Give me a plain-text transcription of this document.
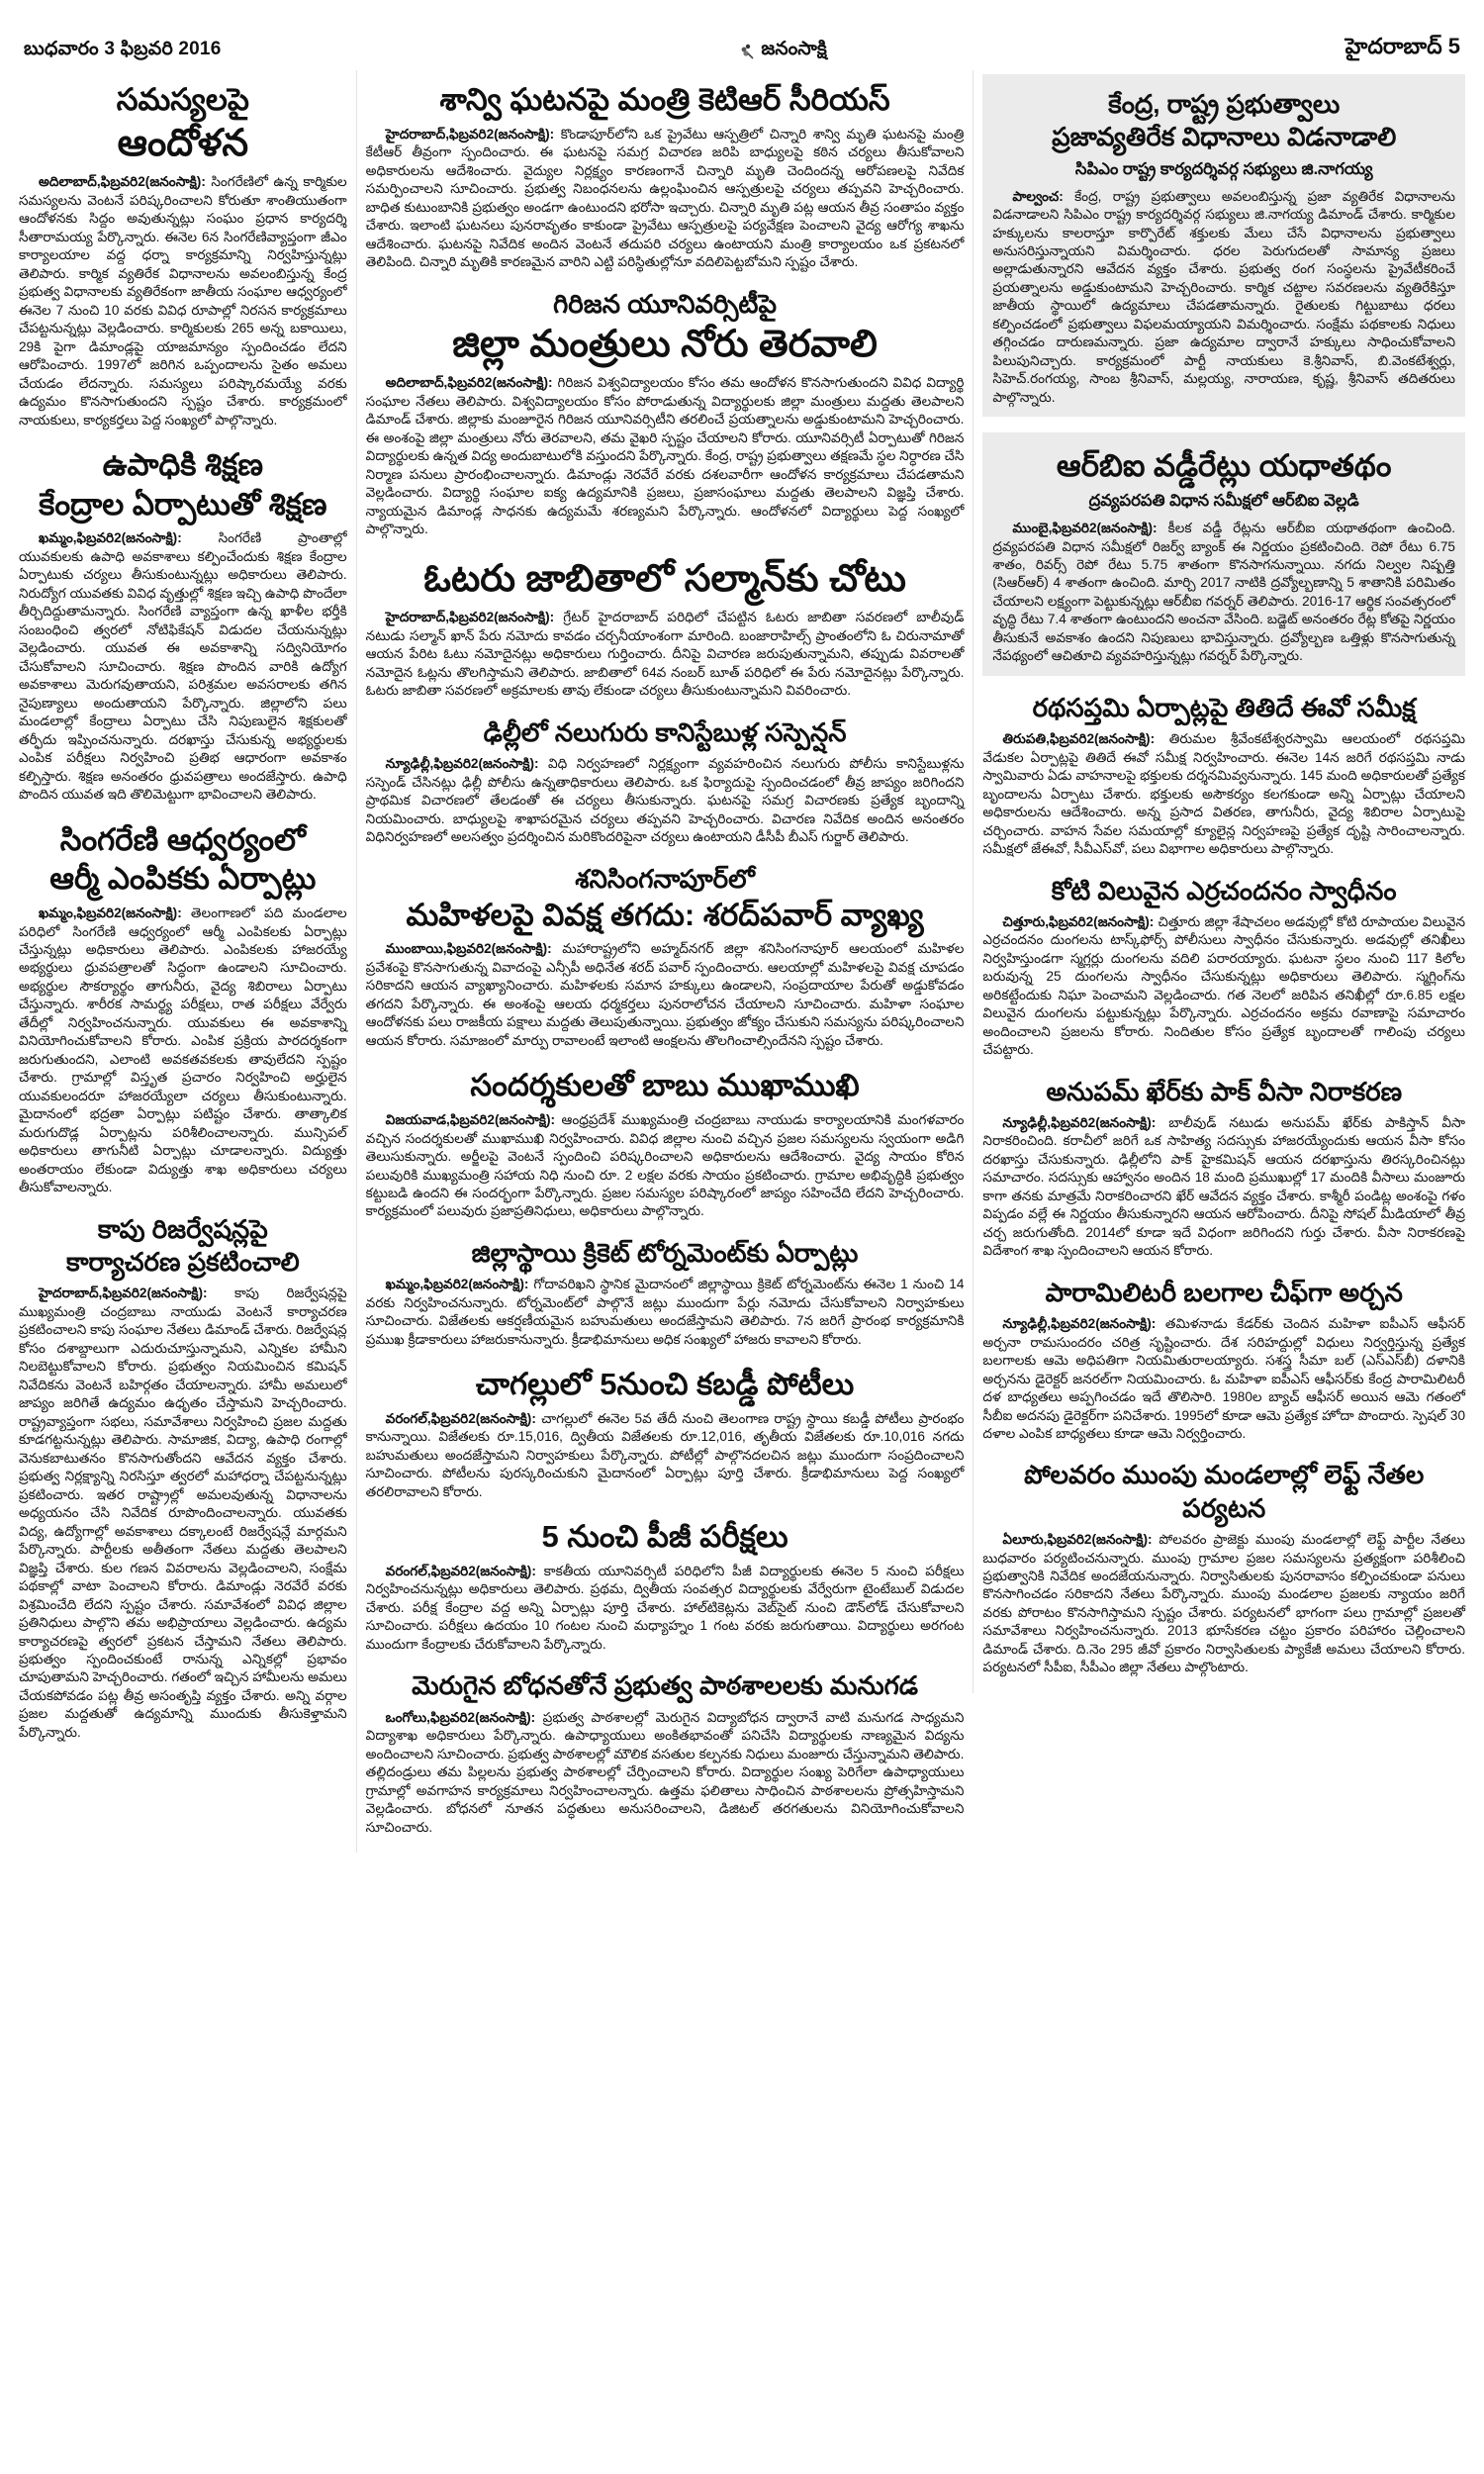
బుధవారం 3 ఫిబ్రవరి 2016	జనంసాక్షి	హైదరాబాద్ 5
సమస్యలపై
ఆందోళన

అదిలాబాద్,ఫిబ్రవరి2(జనంసాక్షి): సింగరేణిలో ఉన్న కార్మికుల సమస్యలను వెంటనే పరిష్కరించాలని కోరుతూ శాంతియుతంగా ఆందోళనకు సిద్దం అవుతున్నట్లు సంఘం ప్రధాన కార్యదర్శి సీతారామయ్య పేర్కొన్నారు. ఈనెల 6న సింగరేణివ్యాప్తంగా జీఎం కార్యాలయాల వద్ద ధర్నా కార్యక్రమాన్ని నిర్వహిస్తున్నట్లు తెలిపారు. కార్మిక వ్యతిరేక విధానాలను అవలంబిస్తున్న కేంద్ర ప్రభుత్వ విధానాలకు వ్యతిరేకంగా జాతీయ సంఘాల ఆధ్వర్యంలో ఈనెల 7 నుంచి 10 వరకు వివిధ రూపాల్లో నిరసన కార్యక్రమాలు చేపట్టనున్నట్లు వెల్లడించారు. కార్మికులకు 265 అన్న బకాయిలు, 29కి పైగా డిమాండ్లపై యాజమాన్యం స్పందించడం లేదని ఆరోపించారు. 1997లో జరిగిన ఒప్పందాలను సైతం అమలు చేయడం లేదన్నారు. సమస్యలు పరిష్కారమయ్యే వరకు ఉద్యమం కొనసాగుతుందని స్పష్టం చేశారు. కార్యక్రమంలో నాయకులు, కార్యకర్తలు పెద్ద సంఖ్యలో పాల్గొన్నారు.

ఉపాధికి శిక్షణ
కేంద్రాల ఏర్పాటుతో శిక్షణ

ఖమ్మం,ఫిబ్రవరి2(జనంసాక్షి): సింగరేణి ప్రాంతాల్లో యువకులకు ఉపాధి అవకాశాలు కల్పించేందుకు శిక్షణ కేంద్రాల ఏర్పాటుకు చర్యలు తీసుకుంటున్నట్లు అధికారులు తెలిపారు. నిరుద్యోగ యువతకు వివిధ వృత్తుల్లో శిక్షణ ఇచ్చి ఉపాధి పొందేలా తీర్చిదిద్దుతామన్నారు. సింగరేణి వ్యాప్తంగా ఉన్న ఖాళీల భర్తీకి సంబంధించి త్వరలో నోటిఫికేషన్ విడుదల చేయనున్నట్లు వెల్లడించారు. యువత ఈ అవకాశాన్ని సద్వినియోగం చేసుకోవాలని సూచించారు. శిక్షణ పొందిన వారికి ఉద్యోగ అవకాశాలు మెరుగవుతాయని, పరిశ్రమల అవసరాలకు తగిన నైపుణ్యాలు అందుతాయని పేర్కొన్నారు. జిల్లాలోని పలు మండలాల్లో కేంద్రాలు ఏర్పాటు చేసి నిపుణులైన శిక్షకులతో తర్ఫీదు ఇప్పించనున్నారు. దరఖాస్తు చేసుకున్న అభ్యర్థులకు ఎంపిక పరీక్షలు నిర్వహించి ప్రతిభ ఆధారంగా అవకాశం కల్పిస్తారు. శిక్షణ అనంతరం ధ్రువపత్రాలు అందజేస్తారు. ఉపాధి పొందిన యువత ఇది తొలిమెట్టుగా భావించాలని తెలిపారు.

సింగరేణి ఆధ్వర్యంలో
ఆర్మీ ఎంపికకు ఏర్పాట్లు

ఖమ్మం,ఫిబ్రవరి2(జనంసాక్షి): తెలంగాణలో పది మండలాల పరిధిలో సింగరేణి ఆధ్వర్యంలో ఆర్మీ ఎంపికలకు ఏర్పాట్లు చేస్తున్నట్లు అధికారులు తెలిపారు. ఎంపికలకు హాజరయ్యే అభ్యర్థులు ధ్రువపత్రాలతో సిద్ధంగా ఉండాలని సూచించారు. అభ్యర్థుల సౌకర్యార్థం తాగునీరు, వైద్య శిబిరాలు ఏర్పాటు చేస్తున్నారు. శారీరక సామర్థ్య పరీక్షలు, రాత పరీక్షలు వేర్వేరు తేదీల్లో నిర్వహించనున్నారు. యువకులు ఈ అవకాశాన్ని వినియోగించుకోవాలని కోరారు. ఎంపిక ప్రక్రియ పారదర్శకంగా జరుగుతుందని, ఎలాంటి అవకతవకలకు తావులేదని స్పష్టం చేశారు. గ్రామాల్లో విస్తృత ప్రచారం నిర్వహించి అర్హులైన యువకులందరూ హాజరయ్యేలా చర్యలు తీసుకుంటున్నారు. మైదానంలో భద్రతా ఏర్పాట్లు పటిష్టం చేశారు. తాత్కాలిక మరుగుదొడ్ల ఏర్పాట్లను పరిశీలించాలన్నారు. మున్సిపల్ అధికారులు తాగునీటి ఏర్పాట్లు చూడాలన్నారు. విద్యుత్తు అంతరాయం లేకుండా విద్యుత్తు శాఖ అధికారులు చర్యలు తీసుకోవాలన్నారు.

కాపు రిజర్వేషన్లపై
కార్యాచరణ ప్రకటించాలి

హైదరాబాద్,ఫిబ్రవరి2(జనంసాక్షి): కాపు రిజర్వేషన్లపై ముఖ్యమంత్రి చంద్రబాబు నాయుడు వెంటనే కార్యాచరణ ప్రకటించాలని కాపు సంఘాల నేతలు డిమాండ్ చేశారు. రిజర్వేషన్ల కోసం దశాబ్దాలుగా ఎదురుచూస్తున్నామని, ఎన్నికల హామీని నిలబెట్టుకోవాలని కోరారు. ప్రభుత్వం నియమించిన కమిషన్ నివేదికను వెంటనే బహిర్గతం చేయాలన్నారు. హామీ అమలులో జాప్యం జరిగితే ఉద్యమం ఉధృతం చేస్తామని హెచ్చరించారు. రాష్ట్రవ్యాప్తంగా సభలు, సమావేశాలు నిర్వహించి ప్రజల మద్దతు కూడగట్టనున్నట్లు తెలిపారు. సామాజిక, విద్యా, ఉపాధి రంగాల్లో వెనుకబాటుతనం కొనసాగుతోందని ఆవేదన వ్యక్తం చేశారు. ప్రభుత్వ నిర్లక్ష్యాన్ని నిరసిస్తూ త్వరలో మహాధర్నా చేపట్టనున్నట్లు ప్రకటించారు. ఇతర రాష్ట్రాల్లో అమలవుతున్న విధానాలను అధ్యయనం చేసి నివేదిక రూపొందించాలన్నారు. యువతకు విద్య, ఉద్యోగాల్లో అవకాశాలు దక్కాలంటే రిజర్వేషన్లే మార్గమని పేర్కొన్నారు. పార్టీలకు అతీతంగా నేతలు మద్దతు తెలపాలని విజ్ఞప్తి చేశారు. కుల గణన వివరాలను వెల్లడించాలని, సంక్షేమ పథకాల్లో వాటా పెంచాలని కోరారు. డిమాండ్లు నెరవేరే వరకు విశ్రమించేది లేదని స్పష్టం చేశారు. సమావేశంలో వివిధ జిల్లాల ప్రతినిధులు పాల్గొని తమ అభిప్రాయాలు వెల్లడించారు. ఉద్యమ కార్యాచరణపై త్వరలో ప్రకటన చేస్తామని నేతలు తెలిపారు. ప్రభుత్వం స్పందించకుంటే రానున్న ఎన్నికల్లో ప్రభావం చూపుతామని హెచ్చరించారు. గతంలో ఇచ్చిన హామీలను అమలు చేయకపోవడం పట్ల తీవ్ర అసంతృప్తి వ్యక్తం చేశారు. అన్ని వర్గాల ప్రజల మద్దతుతో ఉద్యమాన్ని ముందుకు తీసుకెళ్తామని పేర్కొన్నారు.

శాన్వి ఘటనపై మంత్రి కెటిఆర్ సీరియస్

హైదరాబాద్,ఫిబ్రవరి2(జనంసాక్షి): కొండాపూర్‌లోని ఒక ప్రైవేటు ఆస్పత్రిలో చిన్నారి శాన్వి మృతి ఘటనపై మంత్రి కేటీఆర్ తీవ్రంగా స్పందించారు. ఈ ఘటనపై సమగ్ర విచారణ జరిపి బాధ్యులపై కఠిన చర్యలు తీసుకోవాలని అధికారులను ఆదేశించారు. వైద్యుల నిర్లక్ష్యం కారణంగానే చిన్నారి మృతి చెందిందన్న ఆరోపణలపై నివేదిక సమర్పించాలని సూచించారు. ప్రభుత్వ నిబంధనలను ఉల్లంఘించిన ఆస్పత్రులపై చర్యలు తప్పవని హెచ్చరించారు. బాధిత కుటుంబానికి ప్రభుత్వం అండగా ఉంటుందని భరోసా ఇచ్చారు. చిన్నారి మృతి పట్ల ఆయన తీవ్ర సంతాపం వ్యక్తం చేశారు. ఇలాంటి ఘటనలు పునరావృతం కాకుండా ప్రైవేటు ఆస్పత్రులపై పర్యవేక్షణ పెంచాలని వైద్య ఆరోగ్య శాఖను ఆదేశించారు. ఘటనపై నివేదిక అందిన వెంటనే తదుపరి చర్యలు ఉంటాయని మంత్రి కార్యాలయం ఒక ప్రకటనలో తెలిపింది. చిన్నారి మృతికి కారణమైన వారిని ఎట్టి పరిస్థితుల్లోనూ వదిలిపెట్టబోమని స్పష్టం చేశారు.

గిరిజన యూనివర్సిటీపై
జిల్లా మంత్రులు నోరు తెరవాలి

అదిలాబాద్,ఫిబ్రవరి2(జనంసాక్షి): గిరిజన విశ్వవిద్యాలయం కోసం తమ ఆందోళన కొనసాగుతుందని వివిధ విద్యార్థి సంఘాల నేతలు తెలిపారు. విశ్వవిద్యాలయం కోసం పోరాడుతున్న విద్యార్థులకు జిల్లా మంత్రులు మద్దతు తెలపాలని డిమాండ్ చేశారు. జిల్లాకు మంజూరైన గిరిజన యూనివర్సిటీని తరలించే ప్రయత్నాలను అడ్డుకుంటామని హెచ్చరించారు. ఈ అంశంపై జిల్లా మంత్రులు నోరు తెరవాలని, తమ వైఖరి స్పష్టం చేయాలని కోరారు. యూనివర్సిటీ ఏర్పాటుతో గిరిజన విద్యార్థులకు ఉన్నత విద్య అందుబాటులోకి వస్తుందని పేర్కొన్నారు. కేంద్ర, రాష్ట్ర ప్రభుత్వాలు తక్షణమే స్థల నిర్ధారణ చేసి నిర్మాణ పనులు ప్రారంభించాలన్నారు. డిమాండ్లు నెరవేరే వరకు దశలవారీగా ఆందోళన కార్యక్రమాలు చేపడతామని వెల్లడించారు. విద్యార్థి సంఘాల ఐక్య ఉద్యమానికి ప్రజలు, ప్రజాసంఘాలు మద్దతు తెలపాలని విజ్ఞప్తి చేశారు. న్యాయమైన డిమాండ్ల సాధనకు ఉద్యమమే శరణ్యమని పేర్కొన్నారు. ఆందోళనలో విద్యార్థులు పెద్ద సంఖ్యలో పాల్గొన్నారు.

ఓటరు జాబితాలో సల్మాన్‌కు చోటు

హైదరాబాద్,ఫిబ్రవరి2(జనంసాక్షి): గ్రేటర్ హైదరాబాద్ పరిధిలో చేపట్టిన ఓటరు జాబితా సవరణలో బాలీవుడ్ నటుడు సల్మాన్ ఖాన్ పేరు నమోదు కావడం చర్చనీయాంశంగా మారింది. బంజారాహిల్స్ ప్రాంతంలోని ఓ చిరునామాతో ఆయన పేరిట ఓటు నమోదైనట్లు అధికారులు గుర్తించారు. దీనిపై విచారణ జరుపుతున్నామని, తప్పుడు వివరాలతో నమోదైన ఓట్లను తొలగిస్తామని తెలిపారు. జాబితాలో 64వ నంబర్ బూత్ పరిధిలో ఈ పేరు నమోదైనట్లు పేర్కొన్నారు. ఓటరు జాబితా సవరణలో అక్రమాలకు తావు లేకుండా చర్యలు తీసుకుంటున్నామని వివరించారు.

ఢిల్లీలో నలుగురు కానిస్టేబుళ్ల సస్పెన్షన్

న్యూఢిల్లీ,ఫిబ్రవరి2(జనంసాక్షి): విధి నిర్వహణలో నిర్లక్ష్యంగా వ్యవహరించిన నలుగురు పోలీసు కానిస్టేబుళ్లను సస్పెండ్ చేసినట్లు ఢిల్లీ పోలీసు ఉన్నతాధికారులు తెలిపారు. ఒక ఫిర్యాదుపై స్పందించడంలో తీవ్ర జాప్యం జరిగిందని ప్రాథమిక విచారణలో తేలడంతో ఈ చర్యలు తీసుకున్నారు. ఘటనపై సమగ్ర విచారణకు ప్రత్యేక బృందాన్ని నియమించారు. బాధ్యులపై శాఖాపరమైన చర్యలు తప్పవని హెచ్చరించారు. విచారణ నివేదిక అందిన అనంతరం విధినిర్వహణలో అలసత్వం ప్రదర్శించిన మరికొందరిపైనా చర్యలు ఉంటాయని డీసీపీ బీఎస్ గుర్జార్ తెలిపారు.

శనిసింగనాపూర్‌లో
మహిళలపై వివక్ష తగదు: శరద్‌పవార్ వ్యాఖ్య

ముంబాయి,ఫిబ్రవరి2(జనంసాక్షి): మహారాష్ట్రలోని అహ్మద్‌నగర్ జిల్లా శనిసింగనాపూర్ ఆలయంలో మహిళల ప్రవేశంపై కొనసాగుతున్న వివాదంపై ఎన్సీపీ అధినేత శరద్ పవార్ స్పందించారు. ఆలయాల్లో మహిళలపై వివక్ష చూపడం సరికాదని ఆయన వ్యాఖ్యానించారు. మహిళలకు సమాన హక్కులు ఉండాలని, సంప్రదాయాల పేరుతో అడ్డుకోవడం తగదని పేర్కొన్నారు. ఈ అంశంపై ఆలయ ధర్మకర్తలు పునరాలోచన చేయాలని సూచించారు. మహిళా సంఘాల ఆందోళనకు పలు రాజకీయ పక్షాలు మద్దతు తెలుపుతున్నాయి. ప్రభుత్వం జోక్యం చేసుకుని సమస్యను పరిష్కరించాలని ఆయన కోరారు. సమాజంలో మార్పు రావాలంటే ఇలాంటి ఆంక్షలను తొలగించాల్సిందేనని స్పష్టం చేశారు.

సందర్శకులతో బాబు ముఖాముఖి

విజయవాడ,ఫిబ్రవరి2(జనంసాక్షి): ఆంధ్రప్రదేశ్ ముఖ్యమంత్రి చంద్రబాబు నాయుడు కార్యాలయానికి మంగళవారం వచ్చిన సందర్శకులతో ముఖాముఖి నిర్వహించారు. వివిధ జిల్లాల నుంచి వచ్చిన ప్రజల సమస్యలను స్వయంగా అడిగి తెలుసుకున్నారు. అర్జీలపై వెంటనే స్పందించి పరిష్కరించాలని అధికారులను ఆదేశించారు. వైద్య సాయం కోరిన పలువురికి ముఖ్యమంత్రి సహాయ నిధి నుంచి రూ. 2 లక్షల వరకు సాయం ప్రకటించారు. గ్రామాల అభివృద్ధికి ప్రభుత్వం కట్టుబడి ఉందని ఈ సందర్భంగా పేర్కొన్నారు. ప్రజల సమస్యల పరిష్కారంలో జాప్యం సహించేది లేదని హెచ్చరించారు. కార్యక్రమంలో పలువురు ప్రజాప్రతినిధులు, అధికారులు పాల్గొన్నారు.

జిల్లాస్థాయి క్రికెట్ టోర్నమెంట్‌కు ఏర్పాట్లు

ఖమ్మం,ఫిబ్రవరి2(జనంసాక్షి): గోదావరిఖని స్థానిక మైదానంలో జిల్లాస్థాయి క్రికెట్ టోర్నమెంట్‌ను ఈనెల 1 నుంచి 14 వరకు నిర్వహించనున్నారు. టోర్నమెంట్‌లో పాల్గొనే జట్లు ముందుగా పేర్లు నమోదు చేసుకోవాలని నిర్వాహకులు సూచించారు. విజేతలకు ఆకర్షణీయమైన బహుమతులు అందజేస్తామని తెలిపారు. 7న జరిగే ప్రారంభ కార్యక్రమానికి ప్రముఖ క్రీడాకారులు హాజరుకానున్నారు. క్రీడాభిమానులు అధిక సంఖ్యలో హాజరు కావాలని కోరారు.

చాగల్లులో 5నుంచి కబడ్డీ పోటీలు

వరంగల్,ఫిబ్రవరి2(జనంసాక్షి): చాగల్లులో ఈనెల 5వ తేదీ నుంచి తెలంగాణ రాష్ట్ర స్థాయి కబడ్డీ పోటీలు ప్రారంభం కానున్నాయి. విజేతలకు రూ.15,016, ద్వితీయ విజేతలకు రూ.12,016, తృతీయ విజేతలకు రూ.10,016 నగదు బహుమతులు అందజేస్తామని నిర్వాహకులు పేర్కొన్నారు. పోటీల్లో పాల్గొనదలచిన జట్లు ముందుగా సంప్రదించాలని సూచించారు. పోటీలను పురస్కరించుకుని మైదానంలో ఏర్పాట్లు పూర్తి చేశారు. క్రీడాభిమానులు పెద్ద సంఖ్యలో తరలిరావాలని కోరారు.

5 నుంచి పీజీ పరీక్షలు

వరంగల్,ఫిబ్రవరి2(జనంసాక్షి): కాకతీయ యూనివర్సిటీ పరిధిలోని పీజీ విద్యార్థులకు ఈనెల 5 నుంచి పరీక్షలు నిర్వహించనున్నట్లు అధికారులు తెలిపారు. ప్రథమ, ద్వితీయ సంవత్సర విద్యార్థులకు వేర్వేరుగా టైంటేబుల్ విడుదల చేశారు. పరీక్ష కేంద్రాల వద్ద అన్ని ఏర్పాట్లు పూర్తి చేశారు. హాల్‌టికెట్లను వెబ్‌సైట్ నుంచి డౌన్‌లోడ్ చేసుకోవాలని సూచించారు. పరీక్షలు ఉదయం 10 గంటల నుంచి మధ్యాహ్నం 1 గంట వరకు జరుగుతాయి. విద్యార్థులు అరగంట ముందుగా కేంద్రాలకు చేరుకోవాలని పేర్కొన్నారు.

మెరుగైన బోధనతోనే ప్రభుత్వ పాఠశాలలకు మనుగడ

ఒంగోలు,ఫిబ్రవరి2(జనంసాక్షి): ప్రభుత్వ పాఠశాలల్లో మెరుగైన విద్యాబోధన ద్వారానే వాటి మనుగడ సాధ్యమని విద్యాశాఖ అధికారులు పేర్కొన్నారు. ఉపాధ్యాయులు అంకితభావంతో పనిచేసి విద్యార్థులకు నాణ్యమైన విద్యను అందించాలని సూచించారు. ప్రభుత్వ పాఠశాలల్లో మౌలిక వసతుల కల్పనకు నిధులు మంజూరు చేస్తున్నామని తెలిపారు. తల్లిదండ్రులు తమ పిల్లలను ప్రభుత్వ పాఠశాలల్లో చేర్పించాలని కోరారు. విద్యార్థుల సంఖ్య పెరిగేలా ఉపాధ్యాయులు గ్రామాల్లో అవగాహన కార్యక్రమాలు నిర్వహించాలన్నారు. ఉత్తమ ఫలితాలు సాధించిన పాఠశాలలను ప్రోత్సహిస్తామని వెల్లడించారు. బోధనలో నూతన పద్ధతులు అనుసరించాలని, డిజిటల్ తరగతులను వినియోగించుకోవాలని సూచించారు.

కేంద్ర, రాష్ట్ర ప్రభుత్వాలు
ప్రజావ్యతిరేక విధానాలు విడనాడాలి
సిపిఎం రాష్ట్ర కార్యదర్శివర్గ సభ్యులు జి.నాగయ్య

పాల్వంచ: కేంద్ర, రాష్ట్ర ప్రభుత్వాలు అవలంబిస్తున్న ప్రజా వ్యతిరేక విధానాలను విడనాడాలని సిపిఎం రాష్ట్ర కార్యదర్శివర్గ సభ్యులు జి.నాగయ్య డిమాండ్ చేశారు. కార్మికుల హక్కులను కాలరాస్తూ కార్పొరేట్ శక్తులకు మేలు చేసే విధానాలను ప్రభుత్వాలు అనుసరిస్తున్నాయని విమర్శించారు. ధరల పెరుగుదలతో సామాన్య ప్రజలు అల్లాడుతున్నారని ఆవేదన వ్యక్తం చేశారు. ప్రభుత్వ రంగ సంస్థలను ప్రైవేటీకరించే ప్రయత్నాలను అడ్డుకుంటామని హెచ్చరించారు. కార్మిక చట్టాల సవరణలను వ్యతిరేకిస్తూ జాతీయ స్థాయిలో ఉద్యమాలు చేపడతామన్నారు. రైతులకు గిట్టుబాటు ధరలు కల్పించడంలో ప్రభుత్వాలు విఫలమయ్యాయని విమర్శించారు. సంక్షేమ పథకాలకు నిధులు తగ్గించడం దారుణమన్నారు. ప్రజా ఉద్యమాల ద్వారానే హక్కులు సాధించుకోవాలని పిలుపునిచ్చారు. కార్యక్రమంలో పార్టీ నాయకులు కె.శ్రీనివాస్, బి.వెంకటేశ్వర్లు, సిహెచ్.రంగయ్య, సాంబ శ్రీనివాస్, మల్లయ్య, నారాయణ, కృష్ణ, శ్రీనివాస్ తదితరులు పాల్గొన్నారు.

ఆర్‌బిఐ వడ్డీరేట్లు యధాతథం
ద్రవ్యపరపతి విధాన సమీక్షలో ఆర్‌బిఐ వెల్లడి

ముంబై,ఫిబ్రవరి2(జనంసాక్షి): కీలక వడ్డీ రేట్లను ఆర్‌బీఐ యథాతథంగా ఉంచింది. ద్రవ్యపరపతి విధాన సమీక్షలో రిజర్వ్ బ్యాంక్ ఈ నిర్ణయం ప్రకటించింది. రెపో రేటు 6.75 శాతం, రివర్స్ రెపో రేటు 5.75 శాతంగా కొనసాగనున్నాయి. నగదు నిల్వల నిష్పత్తి (సిఆర్‌ఆర్) 4 శాతంగా ఉంచింది. మార్చి 2017 నాటికి ద్రవ్యోల్బణాన్ని 5 శాతానికి పరిమితం చేయాలని లక్ష్యంగా పెట్టుకున్నట్లు ఆర్‌బీఐ గవర్నర్ తెలిపారు. 2016-17 ఆర్థిక సంవత్సరంలో వృద్ధి రేటు 7.4 శాతంగా ఉంటుందని అంచనా వేసింది. బడ్జెట్ అనంతరం రేట్ల కోతపై నిర్ణయం తీసుకునే అవకాశం ఉందని నిపుణులు భావిస్తున్నారు. ద్రవ్యోల్బణ ఒత్తిళ్లు కొనసాగుతున్న నేపథ్యంలో ఆచితూచి వ్యవహరిస్తున్నట్లు గవర్నర్ పేర్కొన్నారు.

రథసప్తమి ఏర్పాట్లపై తితిదే ఈవో సమీక్ష

తిరుపతి,ఫిబ్రవరి2(జనంసాక్షి): తిరుమల శ్రీవేంకటేశ్వరస్వామి ఆలయంలో రథసప్తమి వేడుకల ఏర్పాట్లపై తితిదే ఈవో సమీక్ష నిర్వహించారు. ఈనెల 14న జరిగే రథసప్తమి నాడు స్వామివారు ఏడు వాహనాలపై భక్తులకు దర్శనమివ్వనున్నారు. 145 మంది అధికారులతో ప్రత్యేక బృందాలను ఏర్పాటు చేశారు. భక్తులకు అసౌకర్యం కలగకుండా అన్ని ఏర్పాట్లు చేయాలని అధికారులను ఆదేశించారు. అన్న ప్రసాద వితరణ, తాగునీరు, వైద్య శిబిరాల ఏర్పాటుపై చర్చించారు. వాహన సేవల సమయాల్లో క్యూలైన్ల నిర్వహణపై ప్రత్యేక దృష్టి సారించాలన్నారు. సమీక్షలో జేఈవో, సీవీఎస్‌వో, పలు విభాగాల అధికారులు పాల్గొన్నారు.

కోటి విలువైన ఎర్రచందనం స్వాధీనం

చిత్తూరు,ఫిబ్రవరి2(జనంసాక్షి): చిత్తూరు జిల్లా శేషాచలం అడవుల్లో కోటి రూపాయల విలువైన ఎర్రచందనం దుంగలను టాస్క్‌ఫోర్స్ పోలీసులు స్వాధీనం చేసుకున్నారు. అడవుల్లో తనిఖీలు నిర్వహిస్తుండగా స్మగ్లర్లు దుంగలను వదిలి పరారయ్యారు. ఘటనా స్థలం నుంచి 117 కిలోల బరువున్న 25 దుంగలను స్వాధీనం చేసుకున్నట్లు అధికారులు తెలిపారు. స్మగ్లింగ్‌ను అరికట్టేందుకు నిఘా పెంచామని వెల్లడించారు. గత నెలలో జరిపిన తనిఖీల్లో రూ.6.85 లక్షల విలువైన దుంగలను పట్టుకున్నట్లు పేర్కొన్నారు. ఎర్రచందనం అక్రమ రవాణాపై సమాచారం అందించాలని ప్రజలను కోరారు. నిందితుల కోసం ప్రత్యేక బృందాలతో గాలింపు చర్యలు చేపట్టారు.

అనుపమ్ ఖేర్‌కు పాక్ వీసా నిరాకరణ

న్యూఢిల్లీ,ఫిబ్రవరి2(జనంసాక్షి): బాలీవుడ్ నటుడు అనుపమ్ ఖేర్‌కు పాకిస్తాన్ వీసా నిరాకరించింది. కరాచీలో జరిగే ఒక సాహిత్య సదస్సుకు హాజరయ్యేందుకు ఆయన వీసా కోసం దరఖాస్తు చేసుకున్నారు. ఢిల్లీలోని పాక్ హైకమిషన్ ఆయన దరఖాస్తును తిరస్కరించినట్లు సమాచారం. సదస్సుకు ఆహ్వానం అందిన 18 మంది ప్రముఖుల్లో 17 మందికి వీసాలు మంజూరు కాగా తనకు మాత్రమే నిరాకరించారని ఖేర్ ఆవేదన వ్యక్తం చేశారు. కాశ్మీరీ పండిట్ల అంశంపై గళం విప్పడం వల్లే ఈ నిర్ణయం తీసుకున్నారని ఆయన ఆరోపించారు. దీనిపై సోషల్ మీడియాలో తీవ్ర చర్చ జరుగుతోంది. 2014లో కూడా ఇదే విధంగా జరిగిందని గుర్తు చేశారు. వీసా నిరాకరణపై విదేశాంగ శాఖ స్పందించాలని ఆయన కోరారు.

పారామిలిటరీ బలగాల చీఫ్‌గా అర్చన

న్యూఢిల్లీ,ఫిబ్రవరి2(జనంసాక్షి): తమిళనాడు కేడర్‌కు చెందిన మహిళా ఐపీఎస్ ఆఫీసర్ అర్చనా రామసుందరం చరిత్ర సృష్టించారు. దేశ సరిహద్దుల్లో విధులు నిర్వర్తిస్తున్న ప్రత్యేక బలగాలకు ఆమె అధిపతిగా నియమితురాలయ్యారు. సశస్త్ర సీమా బల్ (ఎస్ఎస్‌బీ) దళానికి అర్చనను డైరెక్టర్ జనరల్‌గా నియమించారు. ఓ మహిళా ఐపీఎస్ ఆఫీసర్‌కు కేంద్ర పారామిలిటరీ దళ బాధ్యతలు అప్పగించడం ఇదే తొలిసారి. 1980ల బ్యాచ్ ఆఫీసర్ అయిన ఆమె గతంలో సీబీఐ అదనపు డైరెక్టర్‌గా పనిచేశారు. 1995లో కూడా ఆమె ప్రత్యేక హోదా పొందారు. స్పెషల్ 30 దళాల ఎంపిక బాధ్యతలు కూడా ఆమె నిర్వర్తించారు.

పోలవరం ముంపు మండలాల్లో లెఫ్ట్ నేతల పర్యటన

ఏలూరు,ఫిబ్రవరి2(జనంసాక్షి): పోలవరం ప్రాజెక్టు ముంపు మండలాల్లో లెఫ్ట్ పార్టీల నేతలు బుధవారం పర్యటించనున్నారు. ముంపు గ్రామాల ప్రజల సమస్యలను ప్రత్యక్షంగా పరిశీలించి ప్రభుత్వానికి నివేదిక అందజేయనున్నారు. నిర్వాసితులకు పునరావాసం కల్పించకుండా పనులు కొనసాగించడం సరికాదని నేతలు పేర్కొన్నారు. ముంపు మండలాల ప్రజలకు న్యాయం జరిగే వరకు పోరాటం కొనసాగిస్తామని స్పష్టం చేశారు. పర్యటనలో భాగంగా పలు గ్రామాల్లో ప్రజలతో సమావేశాలు నిర్వహించనున్నారు. 2013 భూసేకరణ చట్టం ప్రకారం పరిహారం చెల్లించాలని డిమాండ్ చేశారు. ది.నెం 295 జీవో ప్రకారం నిర్వాసితులకు ప్యాకేజీ అమలు చేయాలని కోరారు. పర్యటనలో సీపీఐ, సీపీఎం జిల్లా నేతలు పాల్గొంటారు.
